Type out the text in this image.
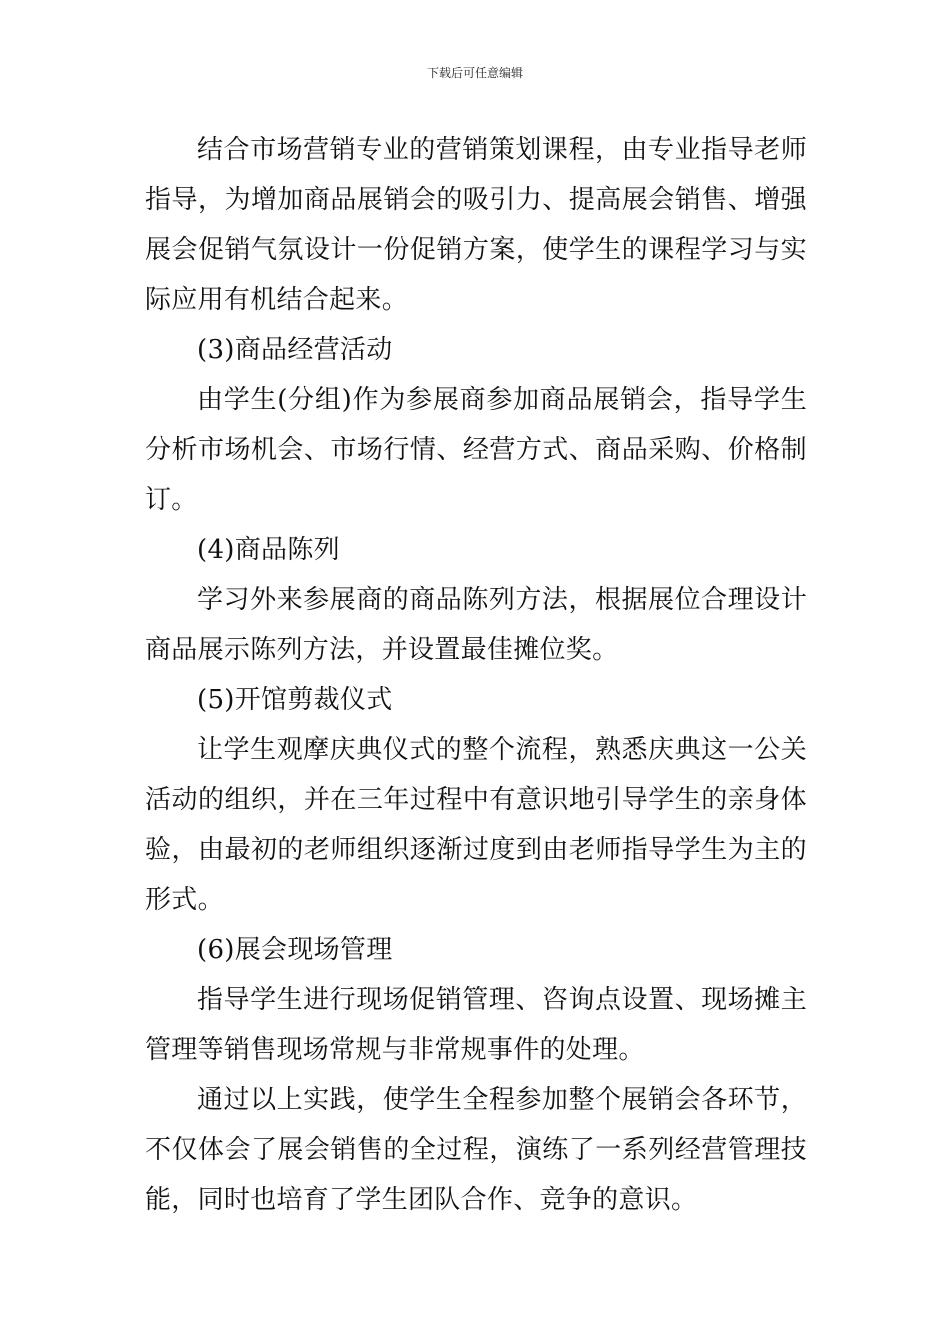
下载后可任意编辑

结合市场营销专业的营销策划课程，由专业指导老师指导，为增加商品展销会的吸引力、提高展会销售、增强展会促销气氛设计一份促销方案，使学生的课程学习与实际应用有机结合起来。

(3)商品经营活动

由学生(分组)作为参展商参加商品展销会，指导学生分析市场机会、市场行情、经营方式、商品采购、价格制订。

(4)商品陈列

学习外来参展商的商品陈列方法，根据展位合理设计商品展示陈列方法，并设置最佳摊位奖。

(5)开馆剪裁仪式

让学生观摩庆典仪式的整个流程，熟悉庆典这一公关活动的组织，并在三年过程中有意识地引导学生的亲身体验，由最初的老师组织逐渐过度到由老师指导学生为主的形式。

(6)展会现场管理

指导学生进行现场促销管理、咨询点设置、现场摊主管理等销售现场常规与非常规事件的处理。

通过以上实践，使学生全程参加整个展销会各环节，不仅体会了展会销售的全过程，演练了一系列经营管理技能，同时也培育了学生团队合作、竞争的意识。
